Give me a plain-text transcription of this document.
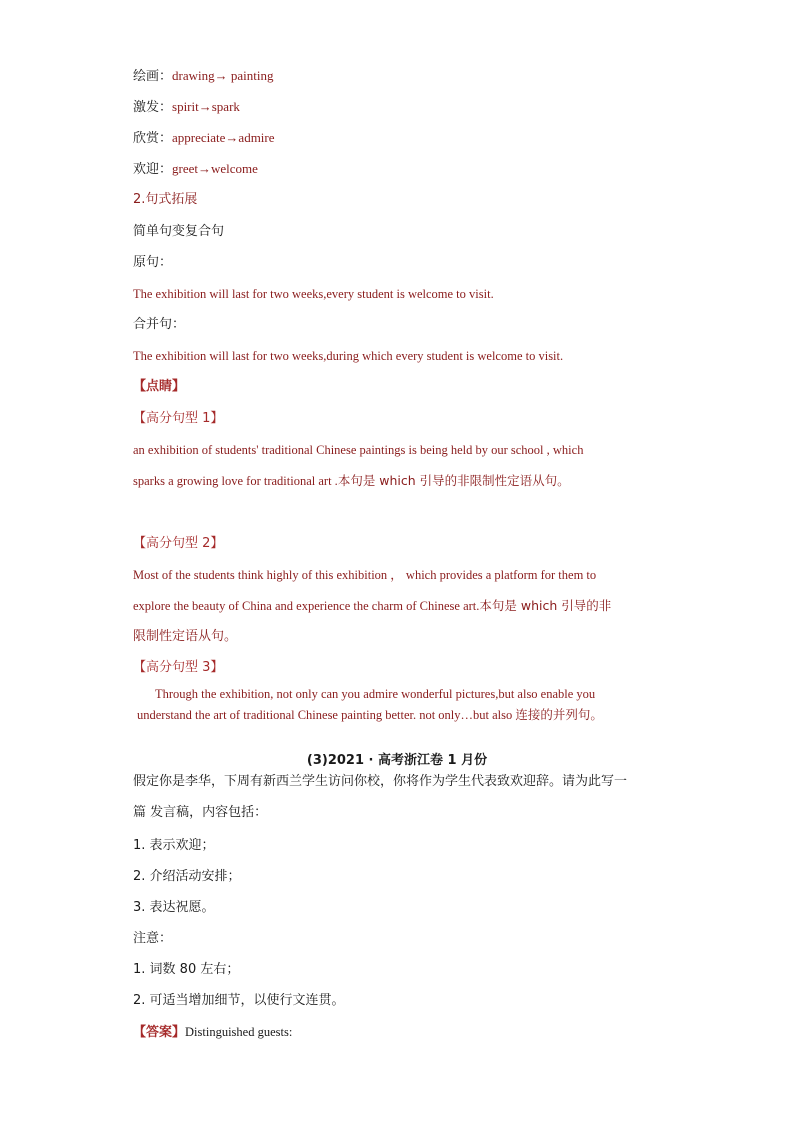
绘画：drawing→ painting
激发：spirit→spark
欣赏：appreciate→admire
欢迎：greet→welcome
2.句式拓展
简单句变复合句
原句：
The exhibition will last for two weeks,every student is welcome to visit.
合并句：
The exhibition will last for two weeks,during which every student is welcome to visit.
【点睛】
【高分句型 1】
an exhibition of students' traditional Chinese paintings is being held by our school , which
sparks a growing love for traditional art .本句是 which 引导的非限制性定语从句。
【高分句型 2】
Most of the students think highly of this exhibition ， which provides a platform for them to
explore the beauty of China and experience the charm of Chinese art.本句是 which 引导的非
限制性定语从句。
【高分句型 3】
Through the exhibition, not only can you admire wonderful pictures,but also enable you
understand the art of traditional Chinese painting better. not only…but also 连接的并列句。
(3)2021 · 高考浙江卷 1 月份
假定你是李华，下周有新西兰学生访问你校，你将作为学生代表致欢迎辞。请为此写一
篇 发言稿，内容包括：
1. 表示欢迎；
2. 介绍活动安排；
3. 表达祝愿。
注意：
1. 词数 80 左右；
2. 可适当增加细节，以使行文连贯。
【答案】Distinguished guests:
